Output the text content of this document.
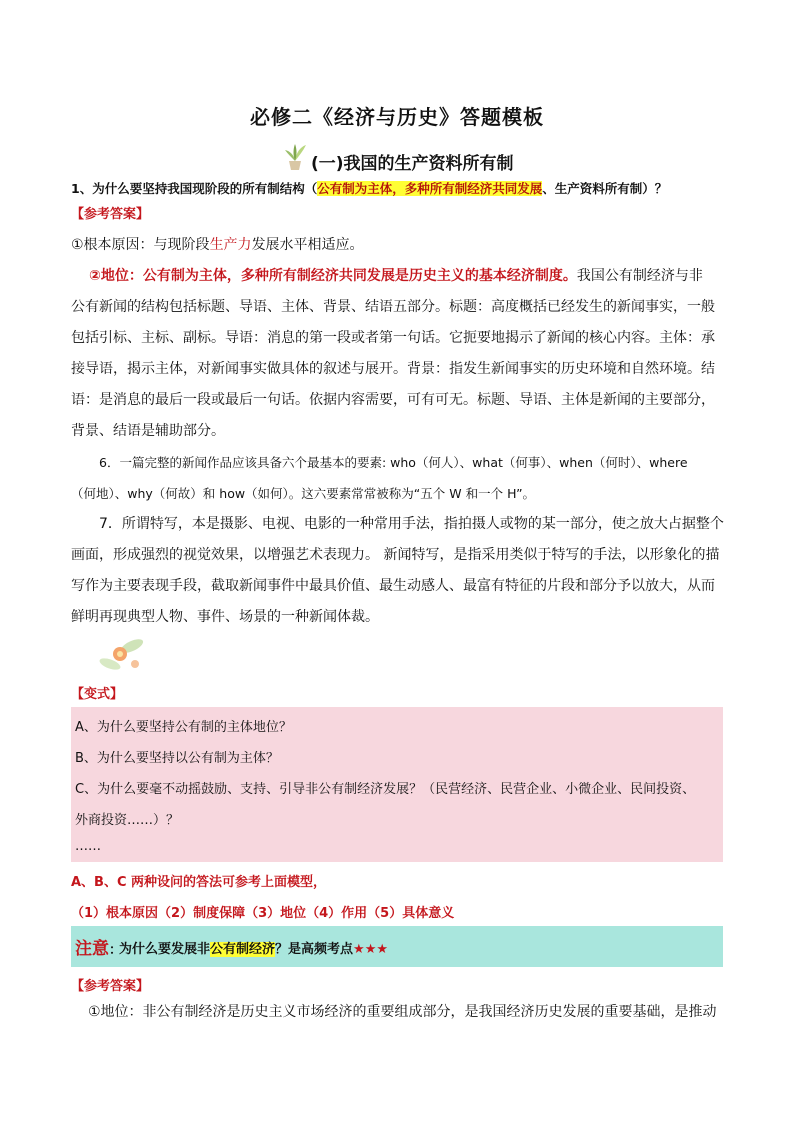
必修二《经济与历史》答题模板
(一)我国的生产资料所有制
1、为什么要坚持我国现阶段的所有制结构（公有制为主体，多种所有制经济共同发展、生产资料所有制）？
【参考答案】
①根本原因：与现阶段生产力发展水平相适应。
②地位：公有制为主体，多种所有制经济共同发展是历史主义的基本经济制度。我国公有制经济与非
公有新闻的结构包括标题、导语、主体、背景、结语五部分。标题：高度概括已经发生的新闻事实，一般
包括引标、主标、副标。导语：消息的第一段或者第一句话。它扼要地揭示了新闻的核心内容。主体：承
接导语，揭示主体，对新闻事实做具体的叙述与展开。背景：指发生新闻事实的历史环境和自然环境。结
语：是消息的最后一段或最后一句话。依据内容需要，可有可无。标题、导语、主体是新闻的主要部分，
背景、结语是辅助部分。
6．一篇完整的新闻作品应该具备六个最基本的要素: who（何人）、what（何事）、when（何时）、where
（何地）、why（何故）和 how（如何）。这六要素常常被称为“五个 W 和一个 H”。
7．所谓特写，本是摄影、电视、电影的一种常用手法，指拍摄人或物的某一部分，使之放大占据整个
画面，形成强烈的视觉效果，以增强艺术表现力。 新闻特写，是指采用类似于特写的手法，以形象化的描
写作为主要表现手段，截取新闻事件中最具价值、最生动感人、最富有特征的片段和部分予以放大，从而
鲜明再现典型人物、事件、场景的一种新闻体裁。
【变式】
A、为什么要坚持公有制的主体地位？
B、为什么要坚持以公有制为主体？
C、为什么要毫不动摇鼓励、支持、引导非公有制经济发展？（民营经济、民营企业、小微企业、民间投资、
外商投资……）？
……
A、B、C 两种设问的答法可参考上面模型，
（1）根本原因（2）制度保障（3）地位（4）作用（5）具体意义
注意：
为什么要发展非公有制经济？是高频考点★★★
【参考答案】
①地位：非公有制经济是历史主义市场经济的重要组成部分，是我国经济历史发展的重要基础，是推动
